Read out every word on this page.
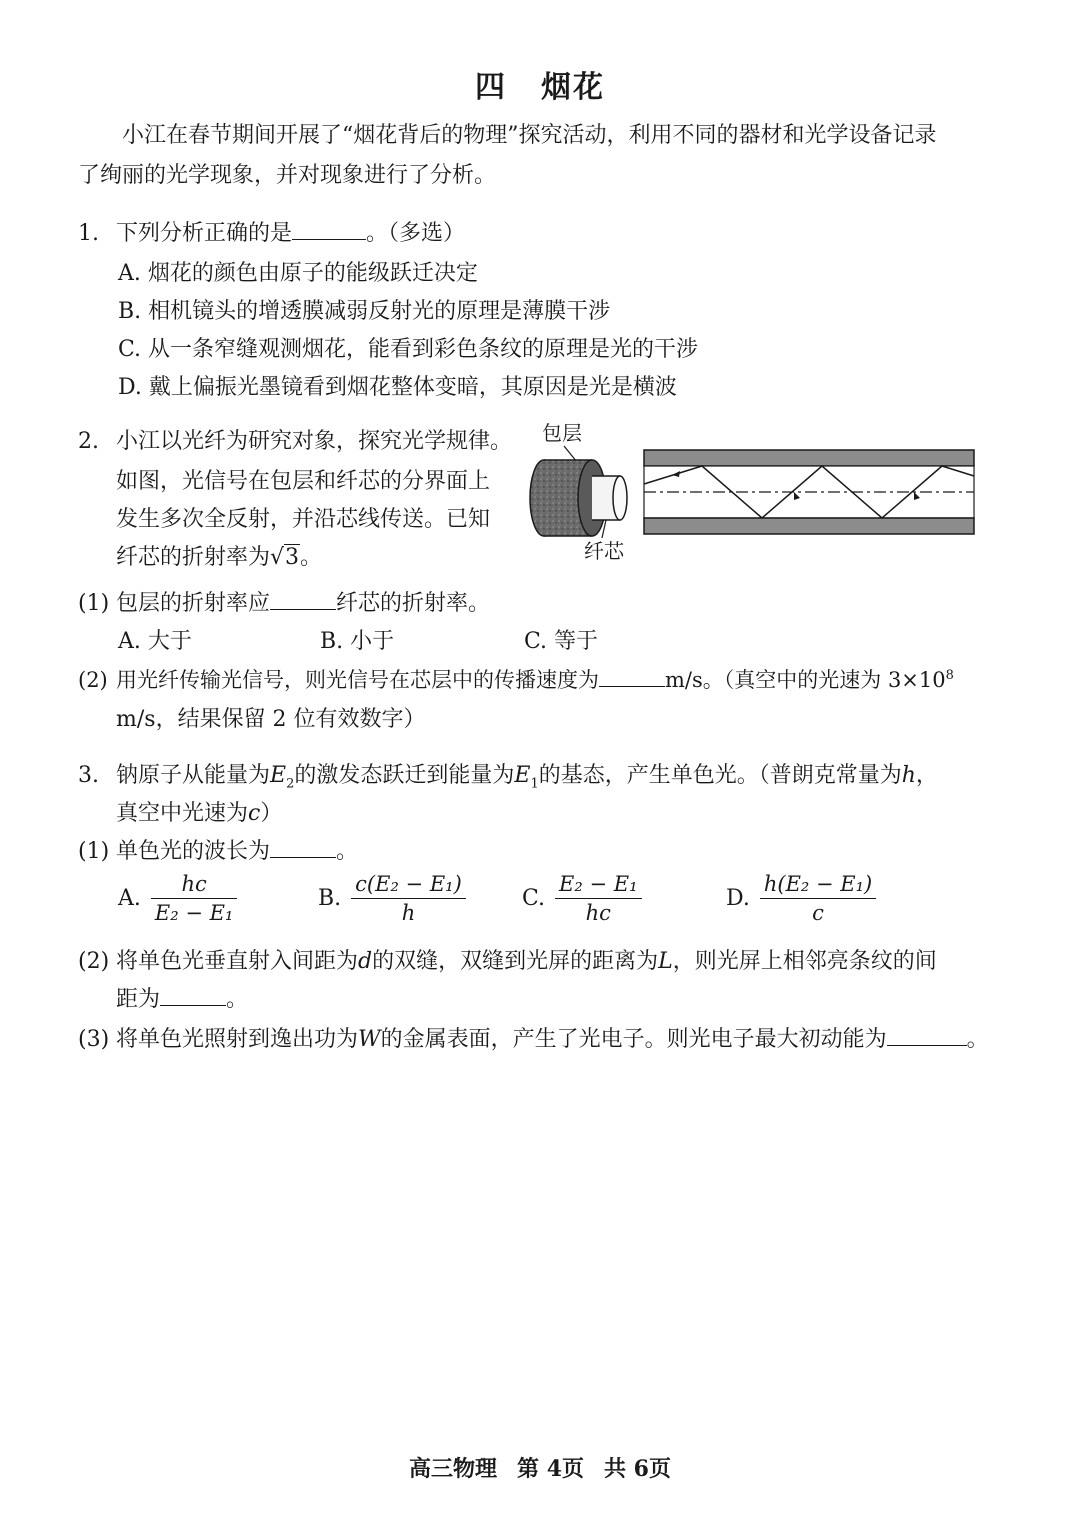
四 烟花
小江在春节期间开展了“烟花背后的物理”探究活动，利用不同的器材和光学设备记录
了绚丽的光学现象，并对现象进行了分析。
1. 下列分析正确的是	。（多选）
A. 烟花的颜色由原子的能级跃迁决定
B. 相机镜头的增透膜减弱反射光的原理是薄膜干涉
C. 从一条窄缝观测烟花，能看到彩色条纹的原理是光的干涉
D. 戴上偏振光墨镜看到烟花整体变暗，其原因是光是横波
2. 小江以光纤为研究对象，探究光学规律。
如图，光信号在包层和纤芯的分界面上
发生多次全反射，并沿芯线传送。已知
纤芯的折射率为√3。
包层
纤芯
(1) 包层的折射率应	纤芯的折射率。
A. 大于	B. 小于	C. 等于
(2) 用光纤传输光信号，则光信号在芯层中的传播速度为	m/s。（真空中的光速为 $3\times 10^8$
m/s，结果保留 2 位有效数字）
3. 钠原子从能量为$E_2$的激发态跃迁到能量为$E_1$的基态，产生单色光。（普朗克常量为h，
真空中光速为c）
(1) 单色光的波长为	。
A. $\frac{hc}{\text{E₂ − E₁}}$	B. $\frac{\text{c(E₂ − E₁)}}{h}$	C. $\frac{\text{E₂ − E₁}}{hc}$	D. $\frac{\text{h(E₂ − E₁)}}{c}$
(2) 将单色光垂直射入间距为d的双缝，双缝到光屏的距离为L，则光屏上相邻亮条纹的间
距为	。
(3) 将单色光照射到逸出功为W的金属表面，产生了光电子。则光电子最大初动能为	。
高三物理 第 4页 共 6页
